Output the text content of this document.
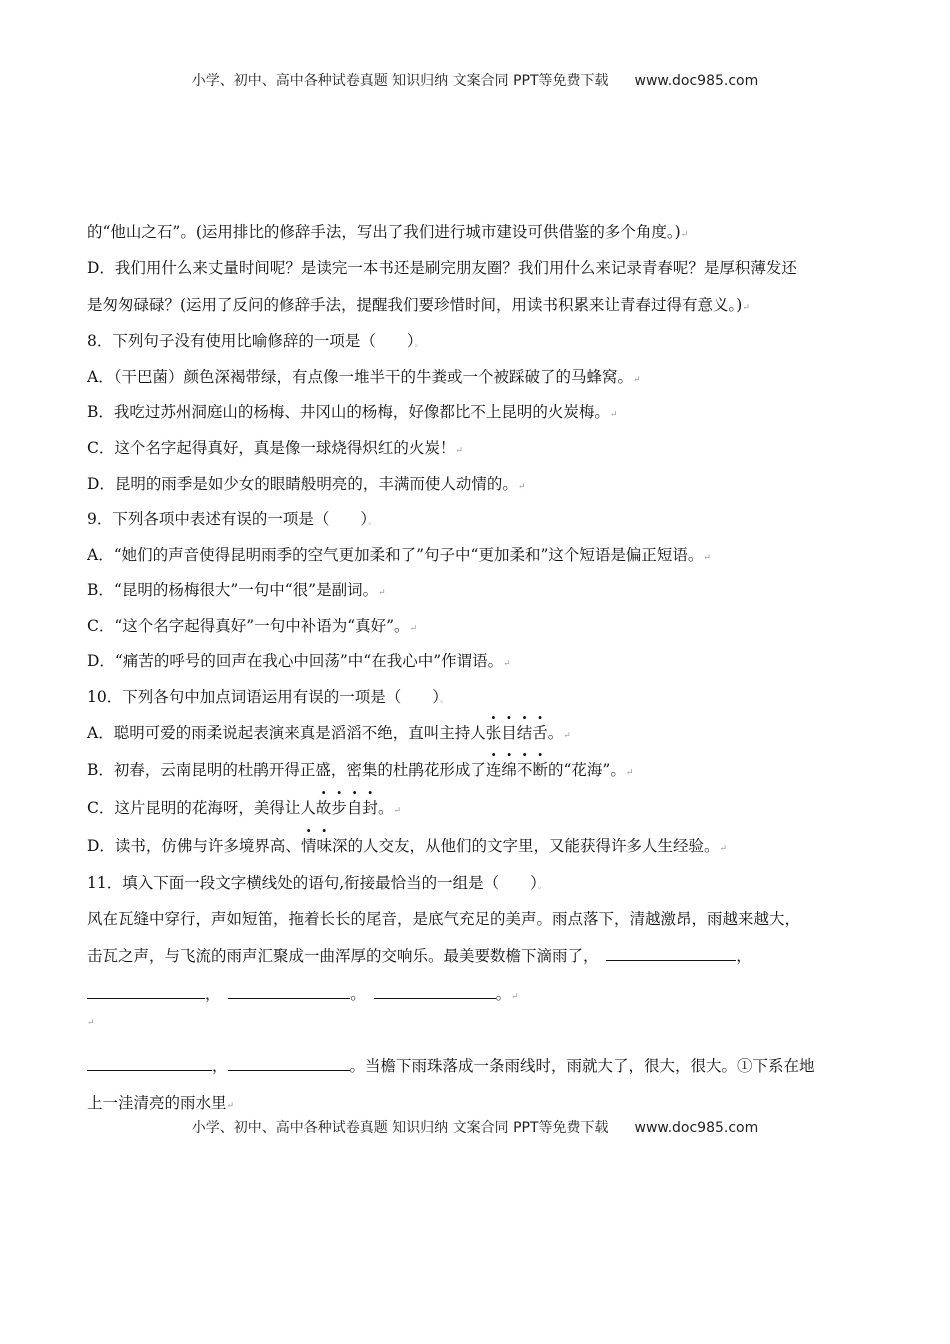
小学、初中、高中各种试卷真题 知识归纳 文案合同 PPT等免费下载 www.doc985.com
的“他山之石”。(运用排比的修辞手法，写出了我们进行城市建设可供借鉴的多个角度。)↵
D．我们用什么来丈量时间呢？是读完一本书还是刷完朋友圈？我们用什么来记录青春呢？是厚积薄发还
是匆匆碌碌？(运用了反问的修辞手法，提醒我们要珍惜时间，用读书积累来让青春过得有意义。)↵
8．下列句子没有使用比喻修辞的一项是（　　）。
A．（干巴菌）颜色深褐带绿，有点像一堆半干的牛粪或一个被踩破了的马蜂窝。↵
B．我吃过苏州洞庭山的杨梅、井冈山的杨梅，好像都比不上昆明的火炭梅。↵
C．这个名字起得真好，真是像一球烧得炽红的火炭！↵
D．昆明的雨季是如少女的眼睛般明亮的，丰满而使人动情的。↵
9．下列各项中表述有误的一项是（　　）。
A．“她们的声音使得昆明雨季的空气更加柔和了”句子中“更加柔和”这个短语是偏正短语。↵
B．“昆明的杨梅很大”一句中“很”是副词。↵
C．“这个名字起得真好”一句中补语为“真好”。↵
D．“痛苦的呼号的回声在我心中回荡”中“在我心中”作谓语。↵
10．下列各句中加点词语运用有误的一项是（　　）。
A．聪明可爱的雨柔说起表演来真是滔滔不绝，直叫主持人张目结舌。↵
B．初春，云南昆明的杜鹃开得正盛，密集的杜鹃花形成了连绵不断的“花海”。↵
C．这片昆明的花海呀，美得让人故步自封。↵
D．读书，仿佛与许多境界高、情味深的人交友，从他们的文字里，又能获得许多人生经验。↵
11．填入下面一段文字横线处的语句,衔接最恰当的一组是（　　）。
风在瓦缝中穿行，声如短笛，拖着长长的尾音，是底气充足的美声。雨点落下，清越激昂，雨越来越大，
击瓦之声，与飞流的雨声汇聚成一曲浑厚的交响乐。最美要数檐下滴雨了，　	，
，　	。　	。↵
↵
，	。当檐下雨珠落成一条雨线时，雨就大了，很大，很大。①下系在地
上一洼清亮的雨水里↵
小学、初中、高中各种试卷真题 知识归纳 文案合同 PPT等免费下载 www.doc985.com
